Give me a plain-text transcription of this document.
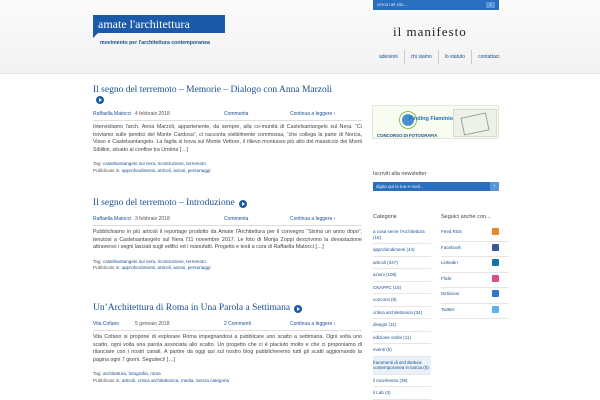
amate l'architettura
movimento per l'architettura contemporanea
cerca nel sito...	›
il manifesto
adesioni	chi siamo	lo statuto	contattaci
Il segno del terremoto – Memorie – Dialogo con Anna Marzoli
Raffaella Matocci 4 febbraio 2018	Commenta	Continua a leggere ›
Intervistiamo l'arch. Anna Marzoli, appartenente, da sempre, alla co-munità di Castelsantangelo sul Nera. “Ci troviamo sulle pendici del Monte Cardosa”, ci racconta visibilmente commossa, “che collega la parte di Norcia, Visso e Castelsantangelo. La faglia si trova sul Monte Vettore, il rilievo montuoso più alto del massiccio dei Monti Sibillini, situato al confine tra Umbria […]
Tag: castelsantangelo sul nera, ricostruzione, terremoto
Pubblicato in: approfondimenti, articoli, azioni, personaggi
Il segno del terremoto – Introduzione
Raffaella Matocci 3 febbraio 2018	Commenta	Continua a leggere ›
Pubblichiamo in più articoli il reportage prodotto da Amate l'Architettura per il convegno “Sisma un anno dopo”, tenutosi a Castelsantangelo sul Nera l'11 novembre 2017. Le foto di Monja Zoppi descrivono la devastazione attraverso i segni lasciati sugli edifici ed i manufatti. Progetto e testi a cura di Raffaella Matocci […]
Tag: castelsantangelo sul nera, ricostruzione, terremoto
Pubblicato in: approfondimenti, articoli, azioni, personaggi
Un’Architettura di Roma in Una Parola a Settimana
Vita Cofano	5 gennaio 2018	2 Commenti	Continua a leggere ›
Vita Cofano si propone di esplorare Roma impegnandosi a pubblicare uno scatto a settimana. Ogni volta uno scatto, ogni volta una parola associata allo scatto. Un progetto che ci è piaciuto molto e che ci proponiamo di rilanciare con i nostri canali. A partire da oggi qui sul nostro blog pubblicheremo tutti gli scatti aggiornando la pagina ogni 7 giorni. Seguiteci! […]
Tag: architettura, fotografia, roma
Pubblicato in: articoli, critica architettonica, media, Senza categoria
Finding Flaminio
CONCORSO DI FOTOGRAFIA
Iscriviti alla newsletter
digita qui la tua e-mail...	›
Categorie
a cosa serve l'Architettura (16)
approfondimenti (44)
articoli (347)
azioni (108)
CNAPPC (15)
concorsi (9)
critica architettonica (34)
disegni (11)
edizione ordini (11)
eventi (5)
frammenti di architettura contemporanea in tuscia (5)
il movimento (39)
il Lab (3)
Seguici anche con...
Feed RSS
Facebook
Linkedin
Flickr
Delicious
Twitter
